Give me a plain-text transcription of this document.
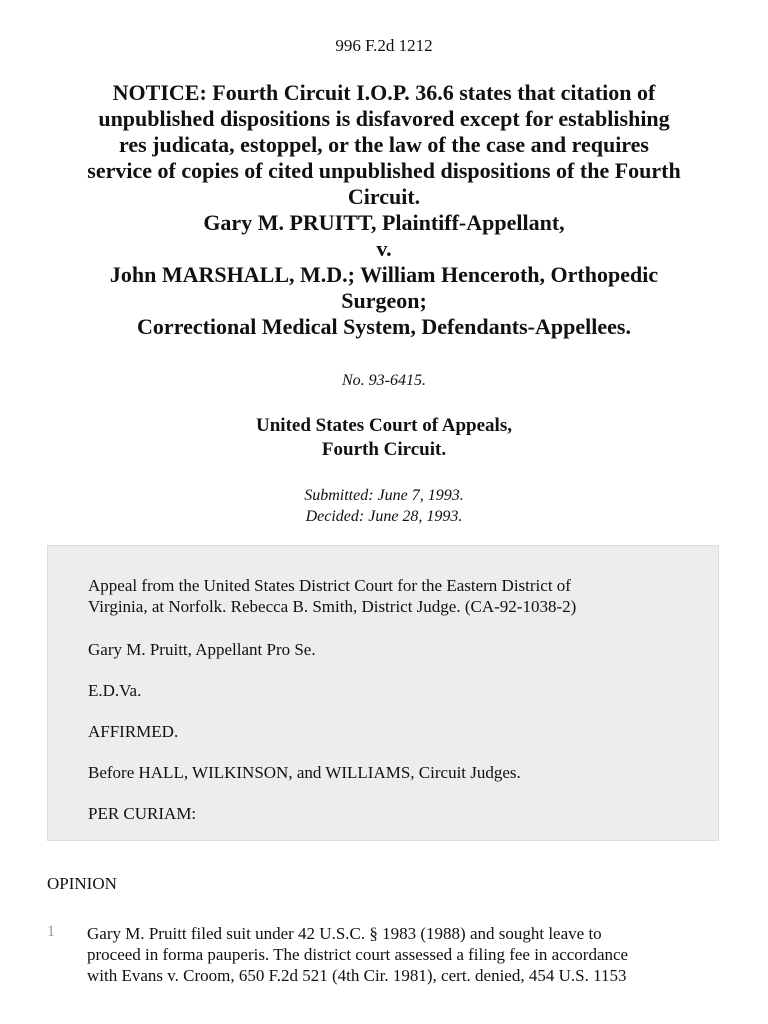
996 F.2d 1212
NOTICE: Fourth Circuit I.O.P. 36.6 states that citation of
unpublished dispositions is disfavored except for establishing
res judicata, estoppel, or the law of the case and requires
service of copies of cited unpublished dispositions of the Fourth
Circuit.
Gary M. PRUITT, Plaintiff-Appellant,
v.
John MARSHALL, M.D.; William Henceroth, Orthopedic
Surgeon;
Correctional Medical System, Defendants-Appellees.
No. 93-6415.
United States Court of Appeals,
Fourth Circuit.
Submitted: June 7, 1993.
Decided: June 28, 1993.
Appeal from the United States District Court for the Eastern District of
Virginia, at Norfolk. Rebecca B. Smith, District Judge. (CA-92-1038-2)
Gary M. Pruitt, Appellant Pro Se.
E.D.Va.
AFFIRMED.
Before HALL, WILKINSON, and WILLIAMS, Circuit Judges.
PER CURIAM:
OPINION
1 Gary M. Pruitt filed suit under 42 U.S.C. § 1983 (1988) and sought leave to
proceed in forma pauperis. The district court assessed a filing fee in accordance
with Evans v. Croom, 650 F.2d 521 (4th Cir. 1981), cert. denied, 454 U.S. 1153
